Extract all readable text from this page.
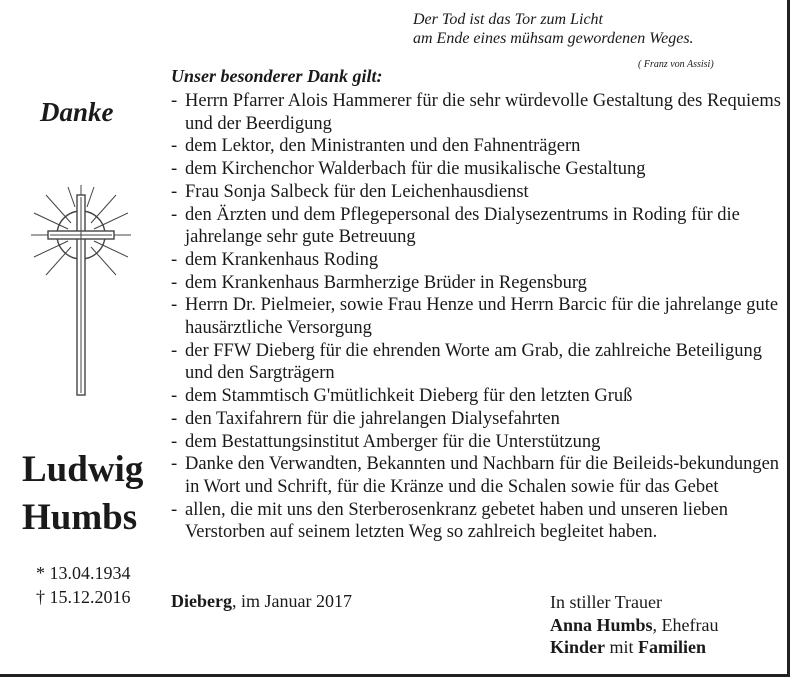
Der Tod ist das Tor zum Licht
am Ende eines mühsam gewordenen Weges.
( Franz von Assisi)
Danke
Ludwig
Humbs
* 13.04.1934
† 15.12.2016
Unser besonderer Dank gilt:
- Herrn Pfarrer Alois Hammerer für die sehr würdevolle Gestaltung des Requiems und der Beerdigung
- dem Lektor, den Ministranten und den Fahnenträgern
- dem Kirchenchor Walderbach für die musikalische Gestaltung
- Frau Sonja Salbeck für den Leichenhausdienst
- den Ärzten und dem Pflegepersonal des Dialysezentrums in Roding für die jahrelange sehr gute Betreuung
- dem Krankenhaus Roding
- dem Krankenhaus Barmherzige Brüder in Regensburg
- Herrn Dr. Pielmeier, sowie Frau Henze und Herrn Barcic für die jahrelange gute hausärztliche Versorgung
- der FFW Dieberg für die ehrenden Worte am Grab, die zahlreiche Beteiligung und den Sargträgern
- dem Stammtisch G'mütlichkeit Dieberg für den letzten Gruß
- den Taxifahrern für die jahrelangen Dialysefahrten
- dem Bestattungsinstitut Amberger für die Unterstützung
- Danke den Verwandten, Bekannten und Nachbarn für die Beileids-bekundungen in Wort und Schrift, für die Kränze und die Schalen sowie für das Gebet
- allen, die mit uns den Sterberosenkranz gebetet haben und unseren lieben Verstorben auf seinem letzten Weg so zahlreich begleitet haben.
Dieberg, im Januar 2017	In stiller Trauer
Anna Humbs, Ehefrau
Kinder mit Familien
